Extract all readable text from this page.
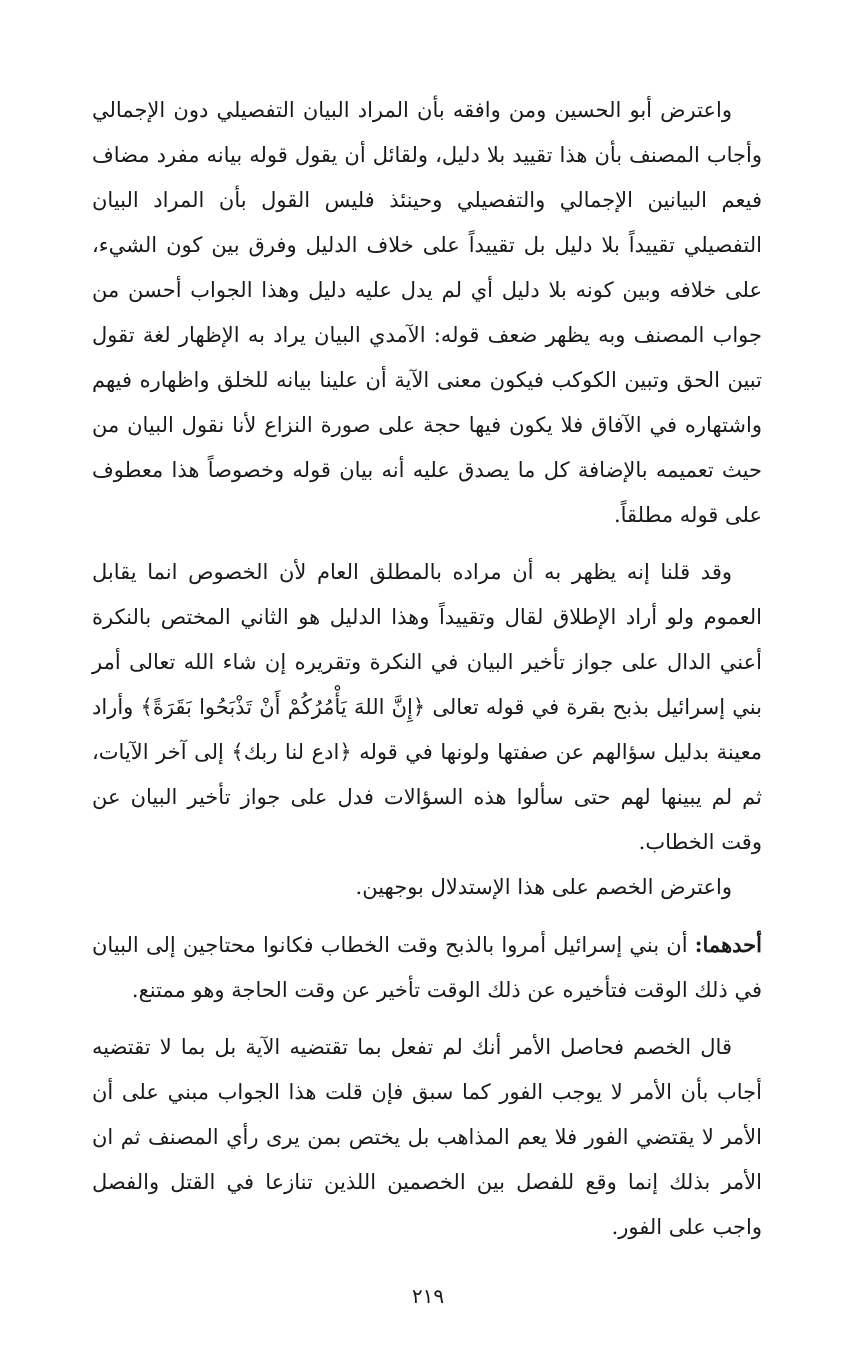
واعترض أبو الحسين ومن وافقه بأن المراد البيان التفصيلي دون الإجمالي وأجاب المصنف بأن هذا تقييد بلا دليل، ولقائل أن يقول قوله بيانه مفرد مضاف فيعم البيانين الإجمالي والتفصيلي وحينئذ فليس القول بأن المراد البيان التفصيلي تقييداً بلا دليل بل تقييداً على خلاف الدليل وفرق بين كون الشيء، على خلافه وبين كونه بلا دليل أي لم يدل عليه دليل وهذا الجواب أحسن من جواب المصنف وبه يظهر ضعف قوله: الآمدي البيان يراد به الإظهار لغة تقول تبين الحق وتبين الكوكب فيكون معنى الآية أن علينا بيانه للخلق واظهاره فيهم واشتهاره في الآفاق فلا يكون فيها حجة على صورة النزاع لأنا نقول البيان من حيث تعميمه بالإضافة كل ما يصدق عليه أنه بيان قوله وخصوصاً هذا معطوف على قوله مطلقاً.

وقد قلنا إنه يظهر به أن مراده بالمطلق العام لأن الخصوص انما يقابل العموم ولو أراد الإطلاق لقال وتقييداً وهذا الدليل هو الثاني المختص بالنكرة أعني الدال على جواز تأخير البيان في النكرة وتقريره إن شاء الله تعالى أمر بني إسرائيل بذبح بقرة في قوله تعالى ﴿إِنَّ اللهَ يَأْمُرُكُمْ أَنْ تَذْبَحُوا بَقَرَةً﴾ وأراد معينة بدليل سؤالهم عن صفتها ولونها في قوله ﴿ادع لنا ربك﴾ إلى آخر الآيات، ثم لم يبينها لهم حتى سألوا هذه السؤالات فدل على جواز تأخير البيان عن وقت الخطاب.

واعترض الخصم على هذا الإستدلال بوجهين.

أحدهما: أن بني إسرائيل أمروا بالذبح وقت الخطاب فكانوا محتاجين إلى البيان في ذلك الوقت فتأخيره عن ذلك الوقت تأخير عن وقت الحاجة وهو ممتنع.

قال الخصم فحاصل الأمر أنك لم تفعل بما تقتضيه الآية بل بما لا تقتضيه أجاب بأن الأمر لا يوجب الفور كما سبق فإن قلت هذا الجواب مبني على أن الأمر لا يقتضي الفور فلا يعم المذاهب بل يختص بمن يرى رأي المصنف ثم ان الأمر بذلك إنما وقع للفصل بين الخصمين اللذين تنازعا في القتل والفصل واجب على الفور.

٢١٩
